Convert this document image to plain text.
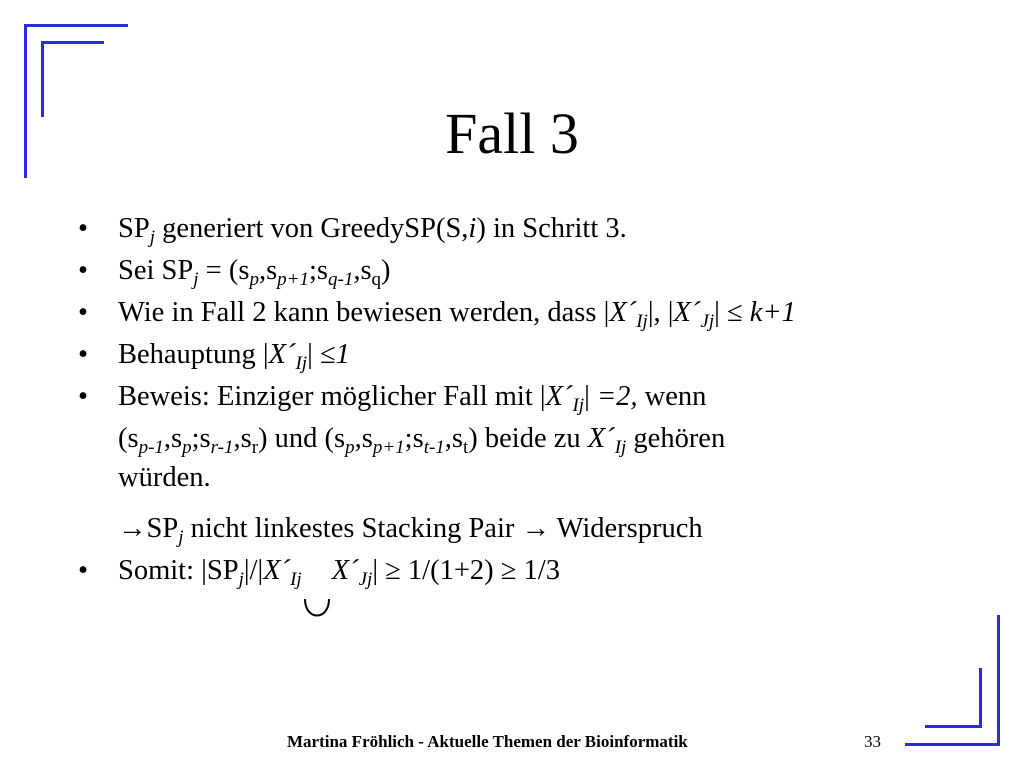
Fall 3
• $SP_j$ generiert von GreedySP(S,i) in Schritt 3.
• Sei $SP_j$ = $(s_p,s_{p+1};s_{q-1},s_q)$
• Wie in Fall 2 kann bewiesen werden, dass $|X´_{Ij}|$, $|X´_{Jj}| \le k+1$
• Behauptung $|X´_{Ij}| \le 1$
• Beweis: Einziger möglicher Fall mit $|X´_{Ij}| =2$, wenn
$(s_{p-1},s_p;s_{r-1},s_r)$ und $(s_p,s_{p+1};s_{t-1},s_t)$ beide zu $X´_{Ij}$ gehören
würden.
$\to SP_j$ nicht linkestes Stacking Pair → Widerspruch
• Somit: $|SP_j|/|X´_{Ij}$ $X´_{Jj}| \ge 1/(1+2) \ge 1/3$
Martina Fröhlich - Aktuelle Themen der Bioinformatik	33
